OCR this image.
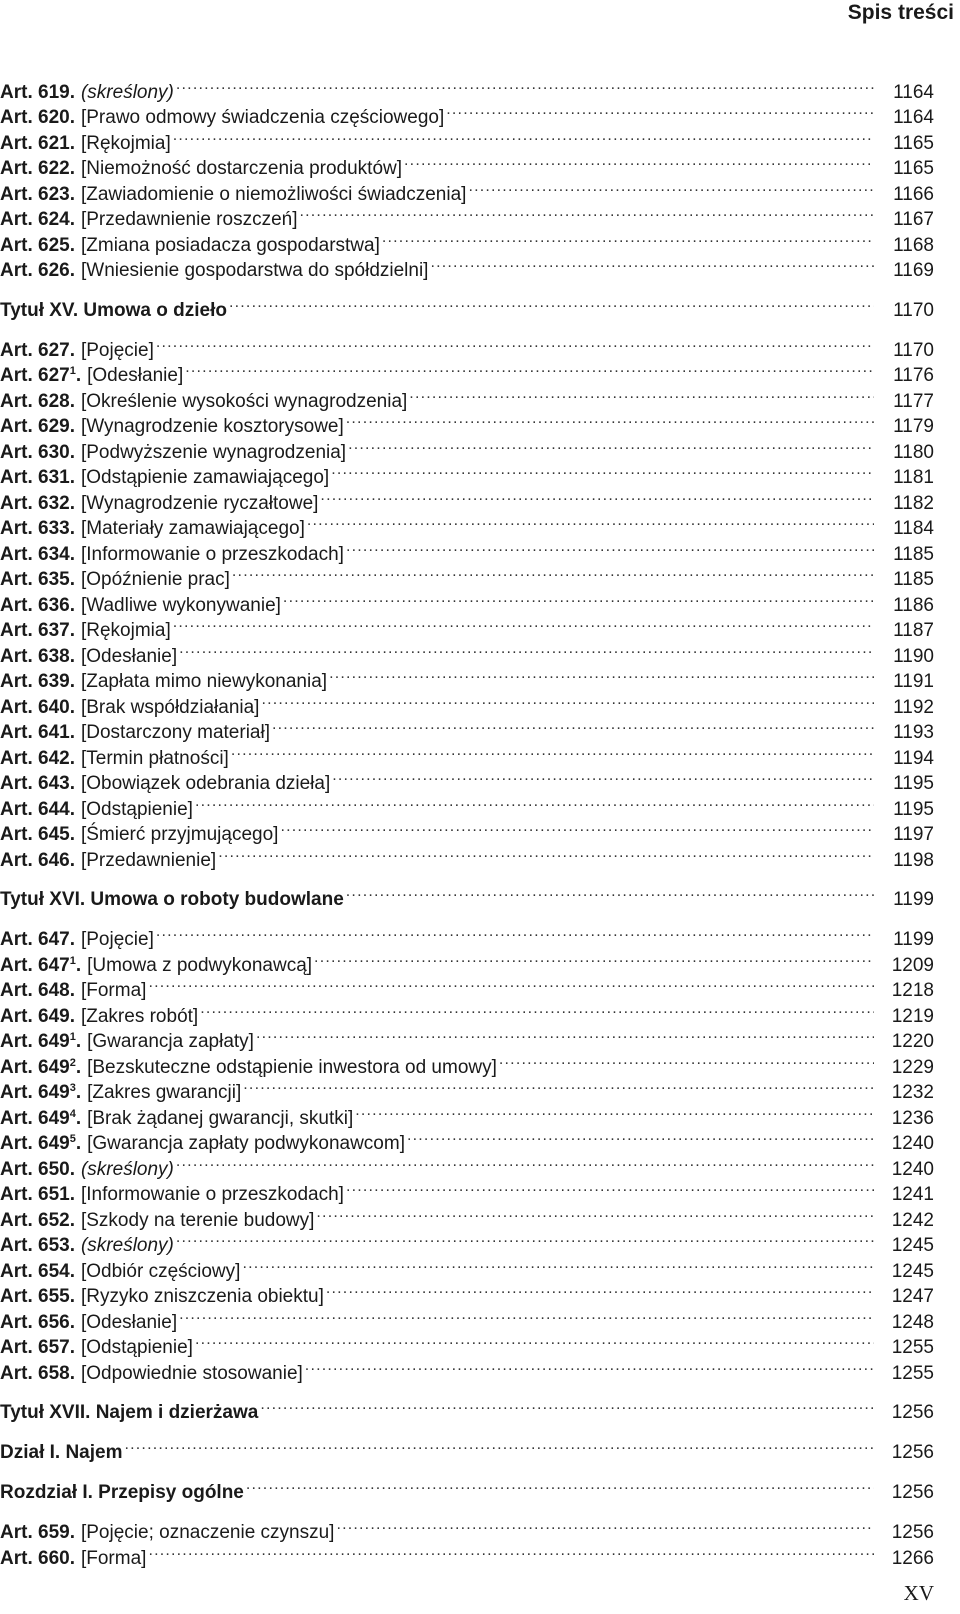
Spis treści
Art. 619. (skreślony) .....	1164
Art. 620. [Prawo odmowy świadczenia częściowego] .....	1164
Art. 621. [Rękojmia] .....	1165
Art. 622. [Niemożność dostarczenia produktów] .....	1165
Art. 623. [Zawiadomienie o niemożliwości świadczenia] .....	1166
Art. 624. [Przedawnienie roszczeń] .....	1167
Art. 625. [Zmiana posiadacza gospodarstwa] .....	1168
Art. 626. [Wniesienie gospodarstwa do spółdzielni] .....	1169
Tytuł XV. Umowa o dzieło .....	1170
Art. 627. [Pojęcie] .....	1170
Art. $627^1$. [Odesłanie] .....	1176
Art. 628. [Określenie wysokości wynagrodzenia] .....	1177
Art. 629. [Wynagrodzenie kosztorysowe] .....	1179
Art. 630. [Podwyższenie wynagrodzenia] .....	1180
Art. 631. [Odstąpienie zamawiającego] .....	1181
Art. 632. [Wynagrodzenie ryczałtowe] .....	1182
Art. 633. [Materiały zamawiającego] .....	1184
Art. 634. [Informowanie o przeszkodach] .....	1185
Art. 635. [Opóźnienie prac] .....	1185
Art. 636. [Wadliwe wykonywanie] .....	1186
Art. 637. [Rękojmia] .....	1187
Art. 638. [Odesłanie] .....	1190
Art. 639. [Zapłata mimo niewykonania] .....	1191
Art. 640. [Brak współdziałania] .....	1192
Art. 641. [Dostarczony materiał] .....	1193
Art. 642. [Termin płatności] .....	1194
Art. 643. [Obowiązek odebrania dzieła] .....	1195
Art. 644. [Odstąpienie] .....	1195
Art. 645. [Śmierć przyjmującego] .....	1197
Art. 646. [Przedawnienie] .....	1198
Tytuł XVI. Umowa o roboty budowlane .....	1199
Art. 647. [Pojęcie] .....	1199
Art. $647^1$. [Umowa z podwykonawcą] .....	1209
Art. 648. [Forma] .....	1218
Art. 649. [Zakres robót] .....	1219
Art. $649^1$. [Gwarancja zapłaty] .....	1220
Art. $649^2$. [Bezskuteczne odstąpienie inwestora od umowy] .....	1229
Art. $649^3$. [Zakres gwarancji] .....	1232
Art. $649^4$. [Brak żądanej gwarancji, skutki] .....	1236
Art. $649^5$. [Gwarancja zapłaty podwykonawcom] .....	1240
Art. 650. (skreślony) .....	1240
Art. 651. [Informowanie o przeszkodach] .....	1241
Art. 652. [Szkody na terenie budowy] .....	1242
Art. 653. (skreślony) .....	1245
Art. 654. [Odbiór częściowy] .....	1245
Art. 655. [Ryzyko zniszczenia obiektu] .....	1247
Art. 656. [Odesłanie] .....	1248
Art. 657. [Odstąpienie] .....	1255
Art. 658. [Odpowiednie stosowanie] .....	1255
Tytuł XVII. Najem i dzierżawa .....	1256
Dział I. Najem .....	1256
Rozdział I. Przepisy ogólne .....	1256
Art. 659. [Pojęcie; oznaczenie czynszu] .....	1256
Art. 660. [Forma] .....	1266
XV
